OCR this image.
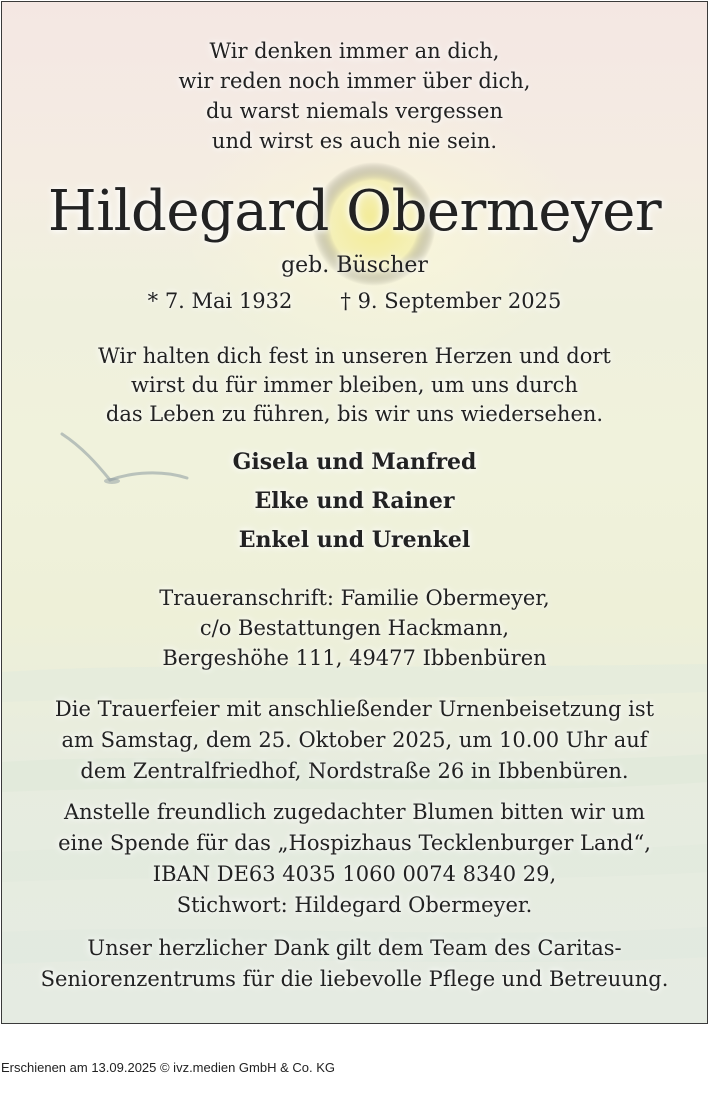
Wir denken immer an dich,
wir reden noch immer über dich,
du warst niemals vergessen
und wirst es auch nie sein.
Hildegard Obermeyer
geb. Büscher
* 7. Mai 1932 † 9. September 2025
Wir halten dich fest in unseren Herzen und dort
wirst du für immer bleiben, um uns durch
das Leben zu führen, bis wir uns wiedersehen.
Gisela und Manfred
Elke und Rainer
Enkel und Urenkel
Traueranschrift: Familie Obermeyer,
c/o Bestattungen Hackmann,
Bergeshöhe 111, 49477 Ibbenbüren
Die Trauerfeier mit anschließender Urnenbeisetzung ist
am Samstag, dem 25. Oktober 2025, um 10.00 Uhr auf
dem Zentralfriedhof, Nordstraße 26 in Ibbenbüren.
Anstelle freundlich zugedachter Blumen bitten wir um
eine Spende für das „Hospizhaus Tecklenburger Land“,
IBAN DE63 4035 1060 0074 8340 29,
Stichwort: Hildegard Obermeyer.
Unser herzlicher Dank gilt dem Team des Caritas-
Seniorenzentrums für die liebevolle Pflege und Betreuung.
Erschienen am 13.09.2025 © ivz.medien GmbH & Co. KG
